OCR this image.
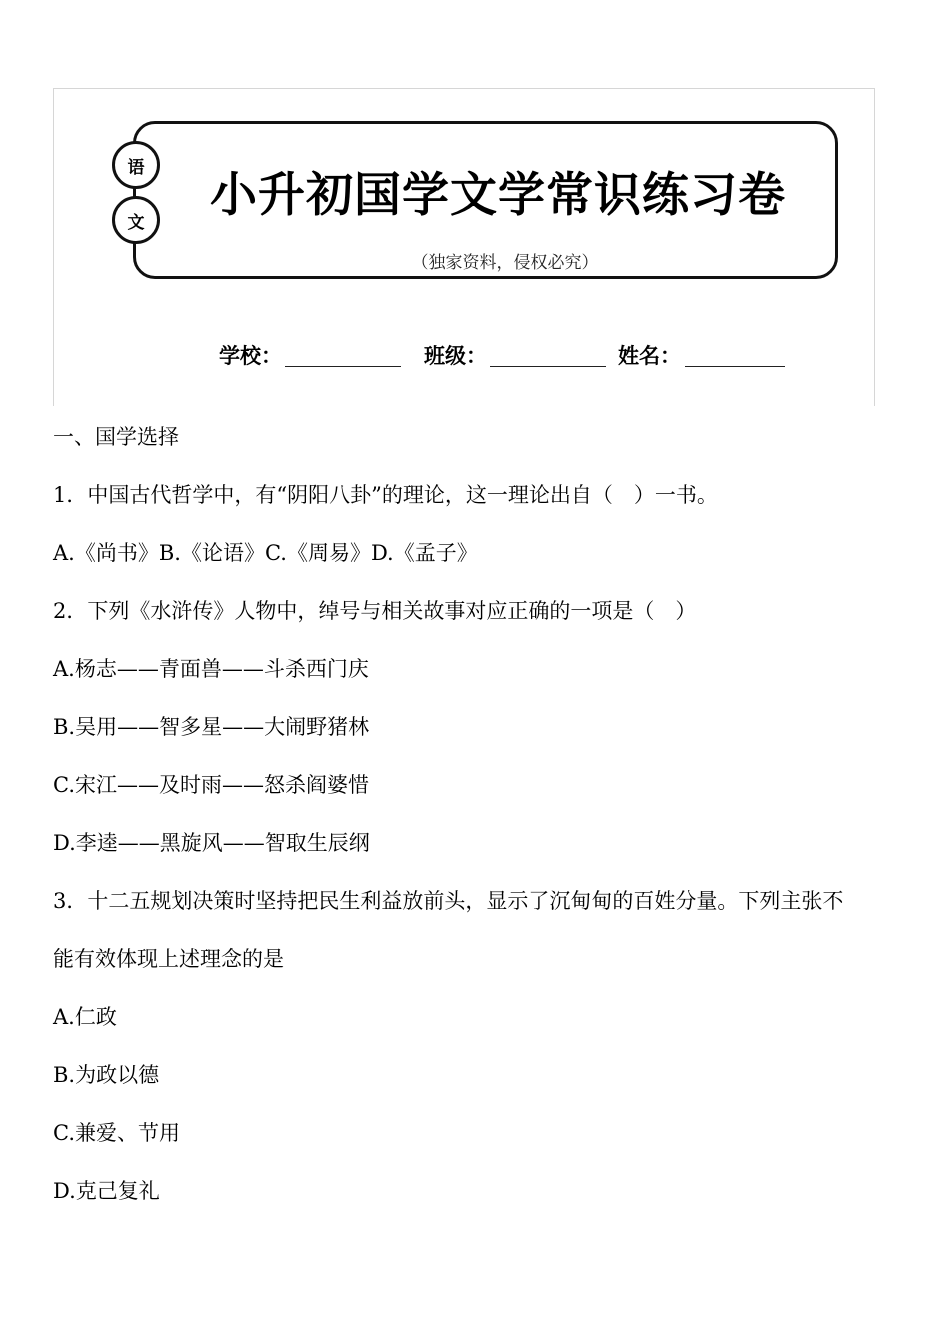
语
文	小升初国学文学常识练习卷
（独家资料，侵权必究）
学校：	班级：	姓名：
一、国学选择
1．中国古代哲学中，有“阴阳八卦”的理论，这一理论出自（　）一书。
A.《尚书》B.《论语》C.《周易》D.《孟子》
2．下列《水浒传》人物中，绰号与相关故事对应正确的一项是（　）
A.杨志——青面兽——斗杀西门庆
B.吴用——智多星——大闹野猪林
C.宋江——及时雨——怒杀阎婆惜
D.李逵——黑旋风——智取生辰纲
3．十二五规划决策时坚持把民生利益放前头，显示了沉甸甸的百姓分量。下列主张不
能有效体现上述理念的是
A.仁政
B.为政以德
C.兼爱、节用
D.克己复礼
